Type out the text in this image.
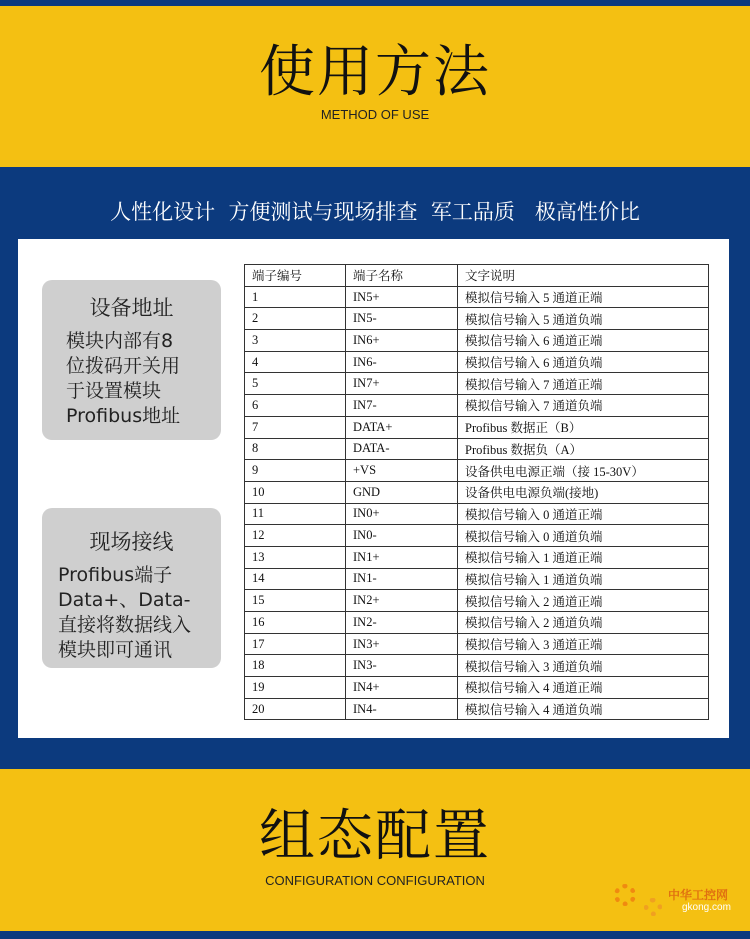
使用方法
METHOD OF USE
人性化设计  方便测试与现场排查  军工品质   极高性价比
设备地址
模块内部有8
位拨码开关用
于设置模块
Profibus地址
现场接线
Profibus端子
Data+、Data-
直接将数据线入
模块即可通讯
端子编号	端子名称	文字说明
1	IN5+	模拟信号输入 5 通道正端
2	IN5-	模拟信号输入 5 通道负端
3	IN6+	模拟信号输入 6 通道正端
4	IN6-	模拟信号输入 6 通道负端
5	IN7+	模拟信号输入 7 通道正端
6	IN7-	模拟信号输入 7 通道负端
7	DATA+	Profibus 数据正（B）
8	DATA-	Profibus 数据负（A）
9	+VS	设备供电电源正端（接 15-30V）
10	GND	设备供电电源负端(接地)
11	IN0+	模拟信号输入 0 通道正端
12	IN0-	模拟信号输入 0 通道负端
13	IN1+	模拟信号输入 1 通道正端
14	IN1-	模拟信号输入 1 通道负端
15	IN2+	模拟信号输入 2 通道正端
16	IN2-	模拟信号输入 2 通道负端
17	IN3+	模拟信号输入 3 通道正端
18	IN3-	模拟信号输入 3 通道负端
19	IN4+	模拟信号输入 4 通道正端
20	IN4-	模拟信号输入 4 通道负端
组态配置
CONFIGURATION CONFIGURATION
中华工控网
gkong.com
